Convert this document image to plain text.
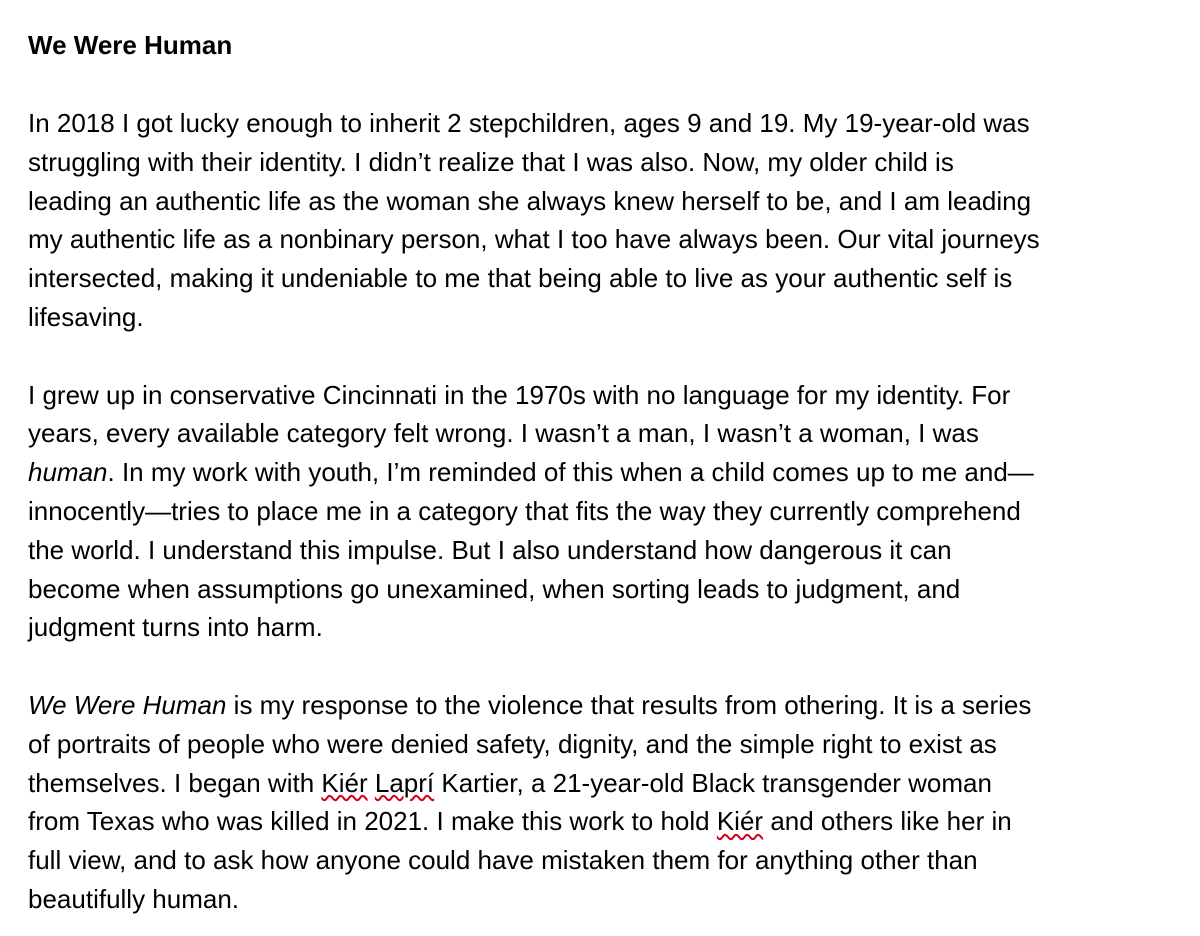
We Were Human
In 2018 I got lucky enough to inherit 2 stepchildren, ages 9 and 19. My 19-year-old was
struggling with their identity. I didn’t realize that I was also. Now, my older child is
leading an authentic life as the woman she always knew herself to be, and I am leading
my authentic life as a nonbinary person, what I too have always been. Our vital journeys
intersected, making it undeniable to me that being able to live as your authentic self is
lifesaving.
I grew up in conservative Cincinnati in the 1970s with no language for my identity. For
years, every available category felt wrong. I wasn’t a man, I wasn’t a woman, I was
human. In my work with youth, I’m reminded of this when a child comes up to me and—
innocently—tries to place me in a category that fits the way they currently comprehend
the world. I understand this impulse. But I also understand how dangerous it can
become when assumptions go unexamined, when sorting leads to judgment, and
judgment turns into harm.
We Were Human is my response to the violence that results from othering. It is a series
of portraits of people who were denied safety, dignity, and the simple right to exist as
themselves. I began with Kiér Laprí Kartier, a 21-year-old Black transgender woman
from Texas who was killed in 2021. I make this work to hold Kiér and others like her in
full view, and to ask how anyone could have mistaken them for anything other than
beautifully human.
